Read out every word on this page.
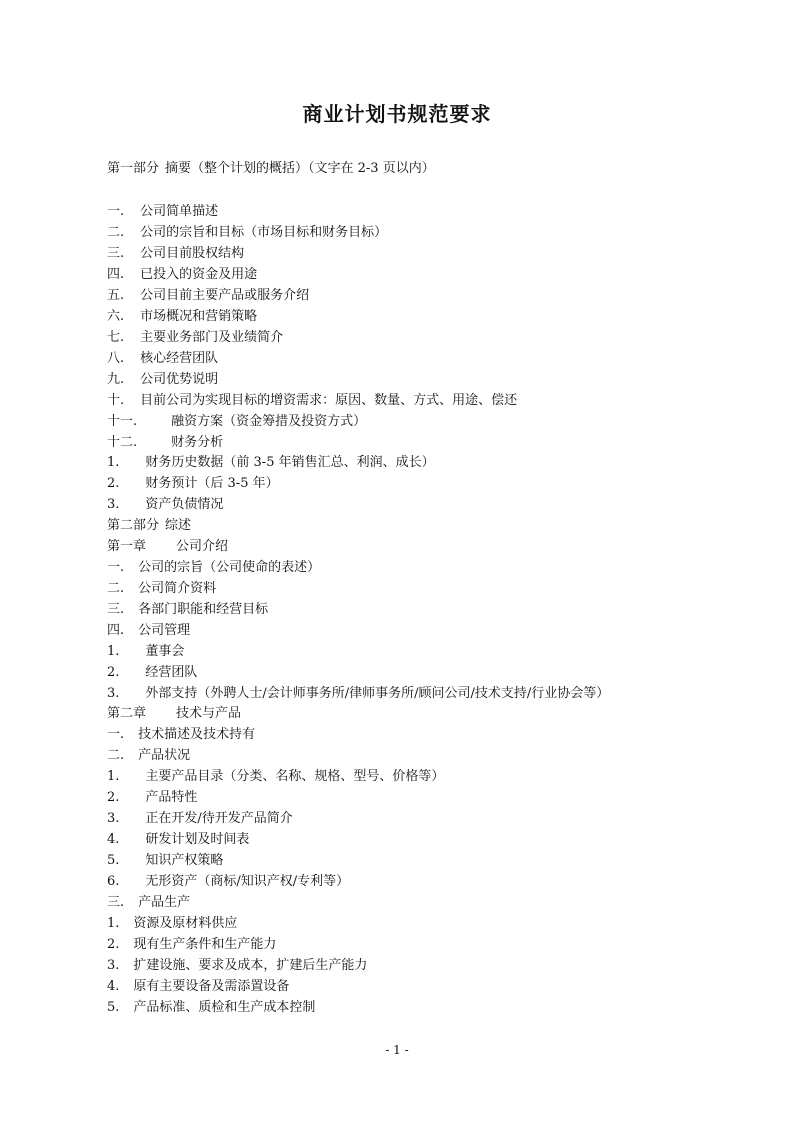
商业计划书规范要求
第一部分 摘要（整个计划的概括）（文字在 2-3 页以内）
一. 公司简单描述
二. 公司的宗旨和目标（市场目标和财务目标）
三. 公司目前股权结构
四. 已投入的资金及用途
五. 公司目前主要产品或服务介绍
六. 市场概况和营销策略
七. 主要业务部门及业绩简介
八. 核心经营团队
九. 公司优势说明
十. 目前公司为实现目标的增资需求：原因、数量、方式、用途、偿还
十一.	融资方案（资金筹措及投资方式）
十二.	财务分析
1. 财务历史数据（前 3-5 年销售汇总、利润、成长）
2. 财务预计（后 3-5 年）
3. 资产负债情况
第二部分 综述
第一章 公司介绍
一. 公司的宗旨（公司使命的表述）
二. 公司简介资料
三. 各部门职能和经营目标
四. 公司管理
1. 董事会
2. 经营团队
3. 外部支持（外聘人士/会计师事务所/律师事务所/顾问公司/技术支持/行业协会等）
第二章 技术与产品
一. 技术描述及技术持有
二. 产品状况
1. 主要产品目录（分类、名称、规格、型号、价格等）
2. 产品特性
3. 正在开发/待开发产品简介
4. 研发计划及时间表
5. 知识产权策略
6. 无形资产（商标/知识产权/专利等）
三. 产品生产
1. 资源及原材料供应
2. 现有生产条件和生产能力
3. 扩建设施、要求及成本，扩建后生产能力
4. 原有主要设备及需添置设备
5. 产品标准、质检和生产成本控制
- 1 -
